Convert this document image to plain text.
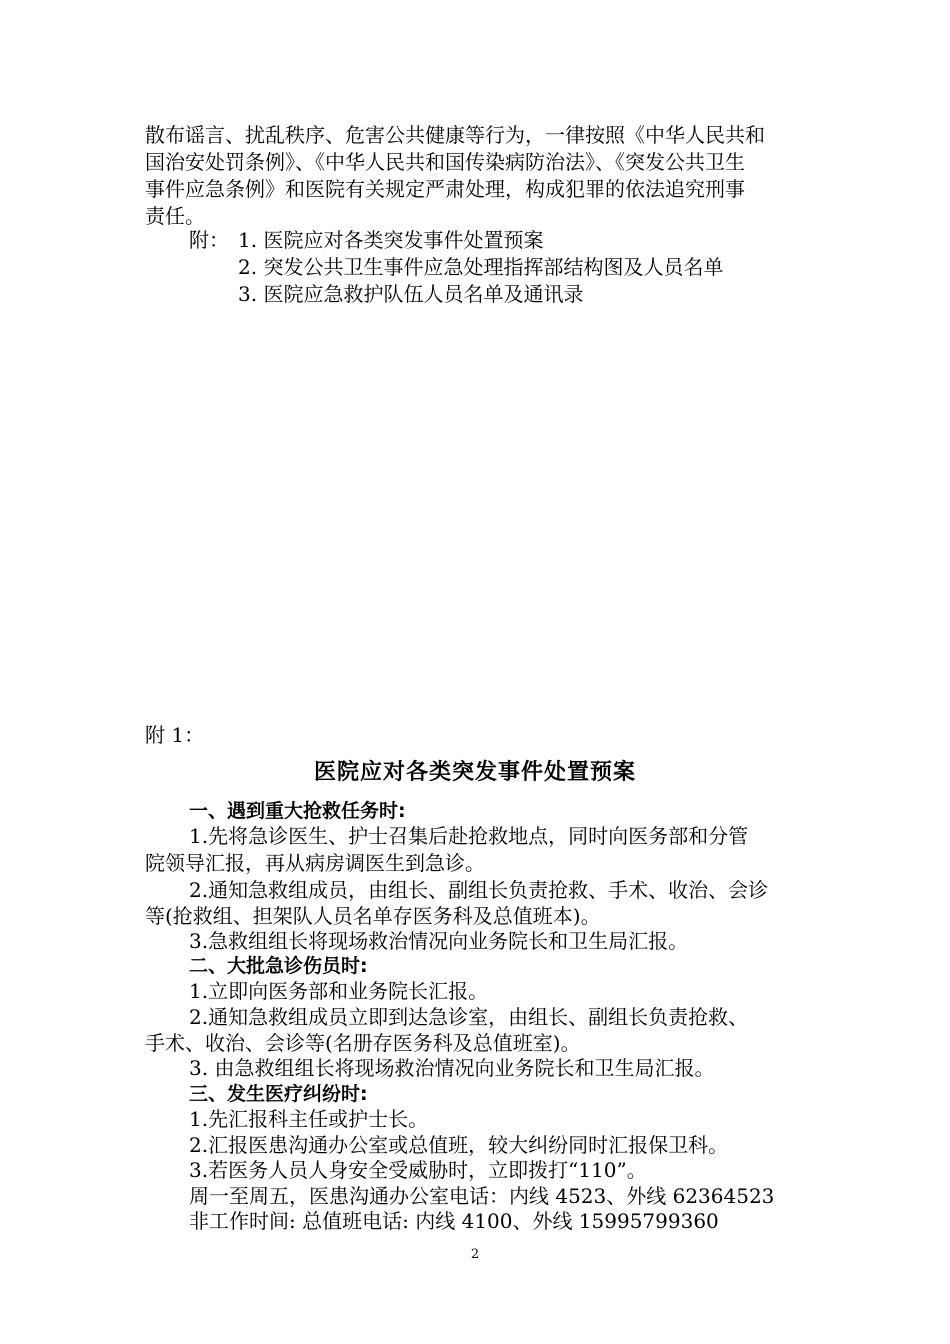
散布谣言、扰乱秩序、危害公共健康等行为，一律按照《中华人民共和
国治安处罚条例》、《中华人民共和国传染病防治法》、《突发公共卫生
事件应急条例》和医院有关规定严肃处理，构成犯罪的依法追究刑事
责任。
附： 1. 医院应对各类突发事件处置预案
2. 突发公共卫生事件应急处理指挥部结构图及人员名单
3. 医院应急救护队伍人员名单及通讯录
附 1：
医院应对各类突发事件处置预案
一、遇到重大抢救任务时:
1.先将急诊医生、护士召集后赴抢救地点，同时向医务部和分管
院领导汇报，再从病房调医生到急诊。
2.通知急救组成员，由组长、副组长负责抢救、手术、收治、会诊
等(抢救组、担架队人员名单存医务科及总值班本)。
3.急救组组长将现场救治情况向业务院长和卫生局汇报。
二、大批急诊伤员时:
1.立即向医务部和业务院长汇报。
2.通知急救组成员立即到达急诊室，由组长、副组长负责抢救、
手术、收治、会诊等(名册存医务科及总值班室)。
3. 由急救组组长将现场救治情况向业务院长和卫生局汇报。
三、发生医疗纠纷时:
1.先汇报科主任或护士长。
2.汇报医患沟通办公室或总值班，较大纠纷同时汇报保卫科。
3.若医务人员人身安全受威胁时，立即拨打“110”。
周一至周五，医患沟通办公室电话：内线 4523、外线 62364523
非工作时间: 总值班电话: 内线 4100、外线 15995799360
2
